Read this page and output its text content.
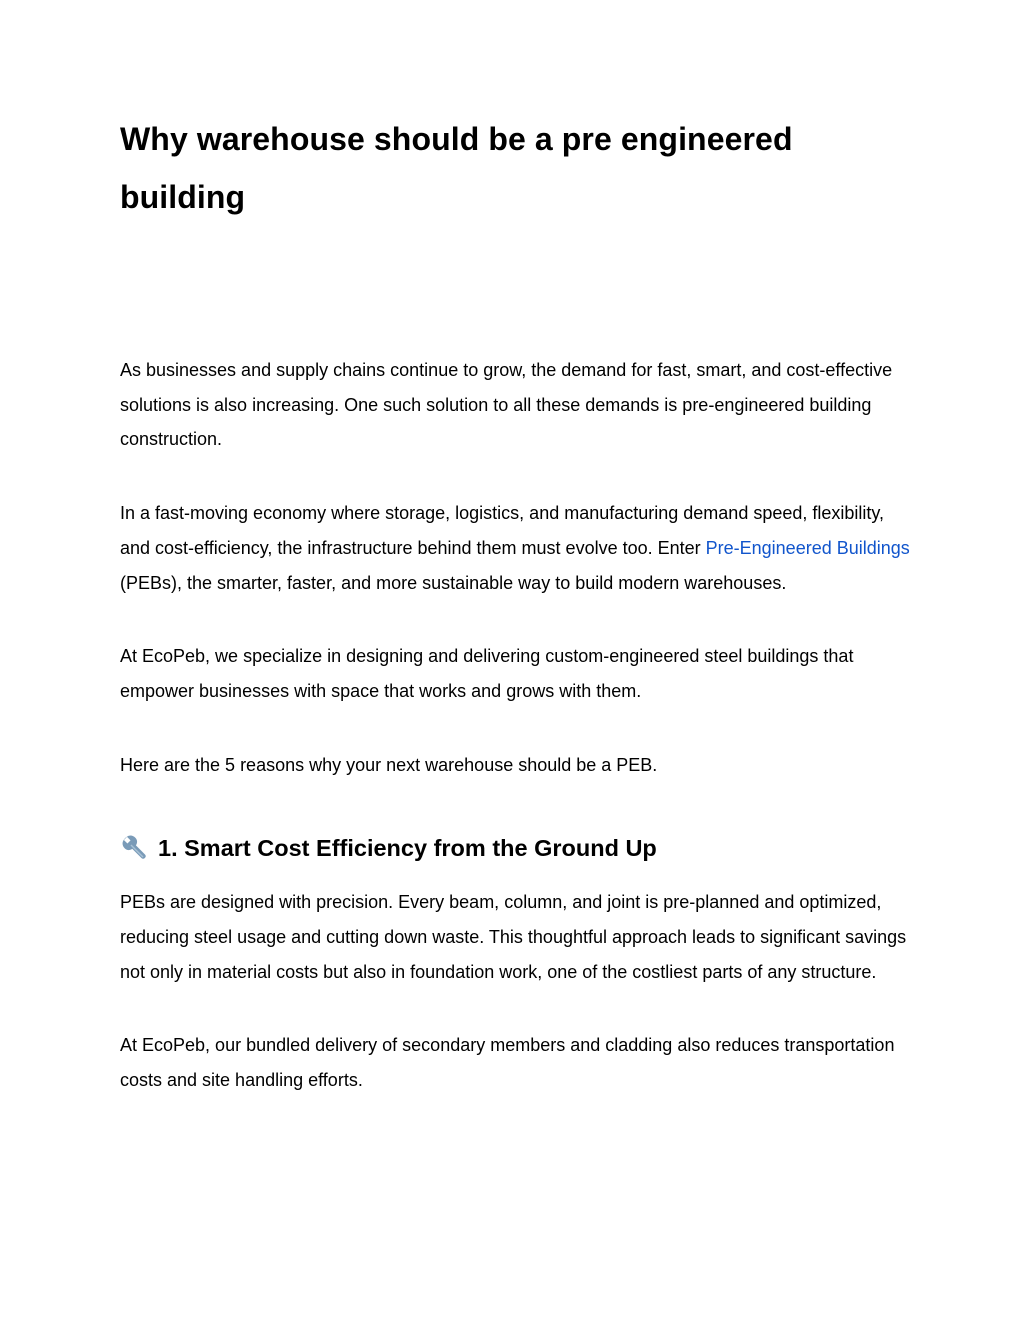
Why warehouse should be a pre engineered building

As businesses and supply chains continue to grow, the demand for fast, smart, and cost-effective solutions is also increasing. One such solution to all these demands is pre-engineered building construction.

In a fast-moving economy where storage, logistics, and manufacturing demand speed, flexibility, and cost-efficiency, the infrastructure behind them must evolve too. Enter Pre-Engineered Buildings (PEBs), the smarter, faster, and more sustainable way to build modern warehouses.

At EcoPeb, we specialize in designing and delivering custom-engineered steel buildings that empower businesses with space that works and grows with them.

Here are the 5 reasons why your next warehouse should be a PEB.

1. Smart Cost Efficiency from the Ground Up

PEBs are designed with precision. Every beam, column, and joint is pre-planned and optimized, reducing steel usage and cutting down waste. This thoughtful approach leads to significant savings not only in material costs but also in foundation work, one of the costliest parts of any structure.

At EcoPeb, our bundled delivery of secondary members and cladding also reduces transportation costs and site handling efforts.
